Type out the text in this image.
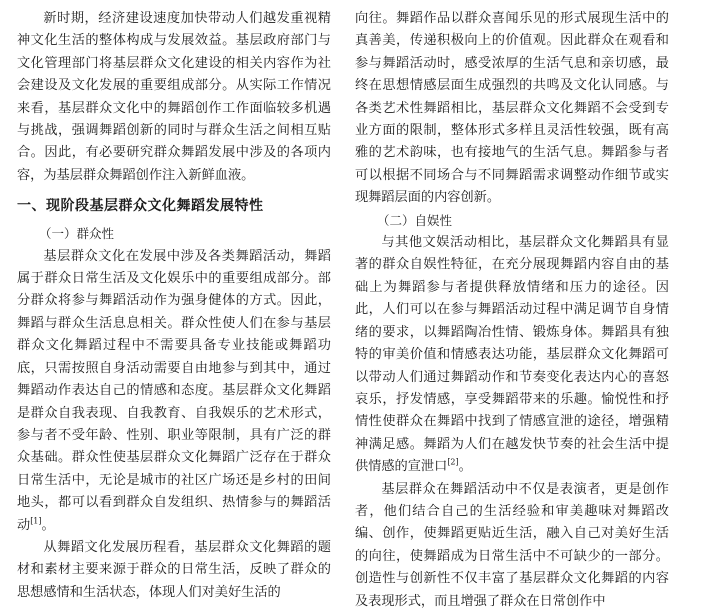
新时期，经济建设速度加快带动人们越发重视精神文化生活的整体构成与发展效益。基层政府部门与文化管理部门将基层群众文化建设的相关内容作为社会建设及文化发展的重要组成部分。从实际工作情况来看，基层群众文化中的舞蹈创作工作面临较多机遇与挑战，强调舞蹈创新的同时与群众生活之间相互贴合。因此，有必要研究群众舞蹈发展中涉及的各项内容，为基层群众舞蹈创作注入新鲜血液。

一、现阶段基层群众文化舞蹈发展特性
（一）群众性

基层群众文化在发展中涉及各类舞蹈活动，舞蹈属于群众日常生活及文化娱乐中的重要组成部分。部分群众将参与舞蹈活动作为强身健体的方式。因此，舞蹈与群众生活息息相关。群众性使人们在参与基层群众文化舞蹈过程中不需要具备专业技能或舞蹈功底，只需按照自身活动需要自由地参与到其中，通过舞蹈动作表达自己的情感和态度。基层群众文化舞蹈是群众自我表现、自我教育、自我娱乐的艺术形式，参与者不受年龄、性别、职业等限制，具有广泛的群众基础。群众性使基层群众文化舞蹈广泛存在于群众日常生活中，无论是城市的社区广场还是乡村的田间地头，都可以看到群众自发组织、热情参与的舞蹈活动[1]。

从舞蹈文化发展历程看，基层群众文化舞蹈的题材和素材主要来源于群众的日常生活，反映了群众的思想感情和生活状态，体现人们对美好生活的

向往。舞蹈作品以群众喜闻乐见的形式展现生活中的真善美，传递积极向上的价值观。因此群众在观看和参与舞蹈活动时，感受浓厚的生活气息和亲切感，最终在思想情感层面生成强烈的共鸣及文化认同感。与各类艺术性舞蹈相比，基层群众文化舞蹈不会受到专业方面的限制，整体形式多样且灵活性较强，既有高雅的艺术韵味，也有接地气的生活气息。舞蹈参与者可以根据不同场合与不同舞蹈需求调整动作细节或实现舞蹈层面的内容创新。

（二）自娱性

与其他文娱活动相比，基层群众文化舞蹈具有显著的群众自娱性特征，在充分展现舞蹈内容自由的基础上为舞蹈参与者提供释放情绪和压力的途径。因此，人们可以在参与舞蹈活动过程中满足调节自身情绪的要求，以舞蹈陶冶性情、锻炼身体。舞蹈具有独特的审美价值和情感表达功能，基层群众文化舞蹈可以带动人们通过舞蹈动作和节奏变化表达内心的喜怒哀乐，抒发情感，享受舞蹈带来的乐趣。愉悦性和抒情性使群众在舞蹈中找到了情感宣泄的途径，增强精神满足感。舞蹈为人们在越发快节奏的社会生活中提供情感的宣泄口[2]。

基层群众在舞蹈活动中不仅是表演者，更是创作者，他们结合自己的生活经验和审美趣味对舞蹈改编、创作，使舞蹈更贴近生活，融入自己对美好生活的向往，使舞蹈成为日常生活中不可缺少的一部分。创造性与创新性不仅丰富了基层群众文化舞蹈的内容及表现形式，而且增强了群众在日常创作中
